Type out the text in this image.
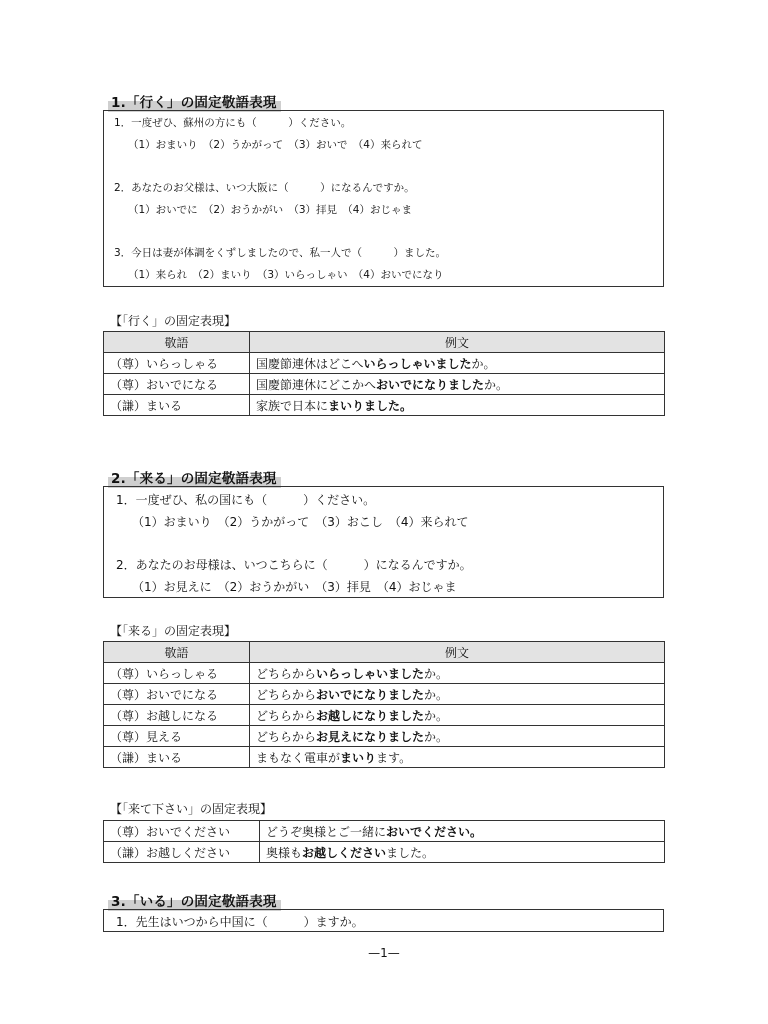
1.「行く」の固定敬語表現
1．一度ぜひ、蘇州の方にも（　　　）ください。
（1）おまいり　（2）うかがって　（3）おいで　（4）来られて
2．あなたのお父様は、いつ大阪に（　　　）になるんですか。
（1）おいでに　（2）おうかがい　（3）拝見　（4）おじゃま
3．今日は妻が体調をくずしましたので、私一人で（　　　）ました。
（1）来られ　（2）まいり　（3）いらっしゃい　（4）おいでになり
【「行く」の固定表現】
敬語	例文
（尊）いらっしゃる	国慶節連休はどこへいらっしゃいましたか。
（尊）おいでになる	国慶節連休にどこかへおいでになりましたか。
（謙）まいる	家族で日本にまいりました。
2.「来る」の固定敬語表現
1．一度ぜひ、私の国にも（　　　）ください。
（1）おまいり　（2）うかがって　（3）おこし　（4）来られて
2．あなたのお母様は、いつこちらに（　　　）になるんですか。
（1）お見えに　（2）おうかがい　（3）拝見　（4）おじゃま
【「来る」の固定表現】
敬語	例文
（尊）いらっしゃる	どちらからいらっしゃいましたか。
（尊）おいでになる	どちらからおいでになりましたか。
（尊）お越しになる	どちらからお越しになりましたか。
（尊）見える	どちらからお見えになりましたか。
（謙）まいる	まもなく電車がまいります。
【「来て下さい」の固定表現】
（尊）おいでください	どうぞ奥様とご一緒においでください。
（謙）お越しください	奥様もお越しくださいました。
3.「いる」の固定敬語表現
1．先生はいつから中国に（　　　）ますか。
—1—
